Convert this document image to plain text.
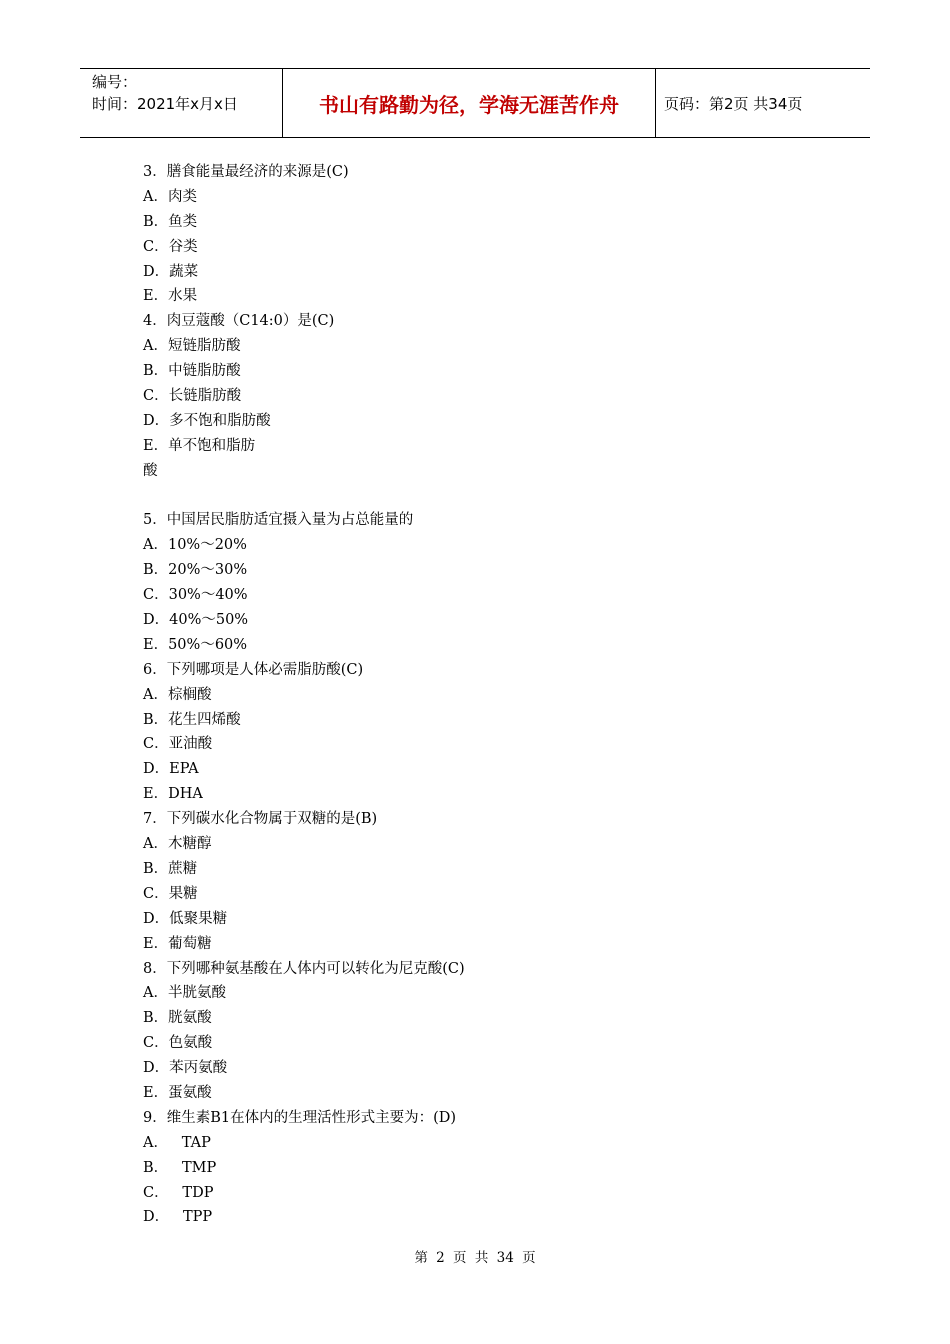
编号：
时间：2021年x月x日	书山有路勤为径，学海无涯苦作舟	页码：第2页 共34页
3．膳食能量最经济的来源是(C)
A．肉类
B．鱼类
C．谷类
D．蔬菜
E．水果
4．肉豆蔻酸（C14:0）是(C)
A．短链脂肪酸
B．中链脂肪酸
C．长链脂肪酸
D．多不饱和脂肪酸
E．单不饱和脂肪
酸
5．中国居民脂肪适宜摄入量为占总能量的
A．10%～20%
B．20%～30%
C．30%～40%
D．40%～50%
E．50%～60%
6．下列哪项是人体必需脂肪酸(C)
A．棕榈酸
B．花生四烯酸
C．亚油酸
D．EPA
E．DHA
7．下列碳水化合物属于双糖的是(B)
A．木糖醇
B．蔗糖
C．果糖
D．低聚果糖
E．葡萄糖
8．下列哪种氨基酸在人体内可以转化为尼克酸(C)
A．半胱氨酸
B．胱氨酸
C．色氨酸
D．苯丙氨酸
E．蛋氨酸
9．维生素B1在体内的生理活性形式主要为：(D)
A．   TAP
B．   TMP
C．   TDP
D．   TPP
第 2 页 共 34 页
